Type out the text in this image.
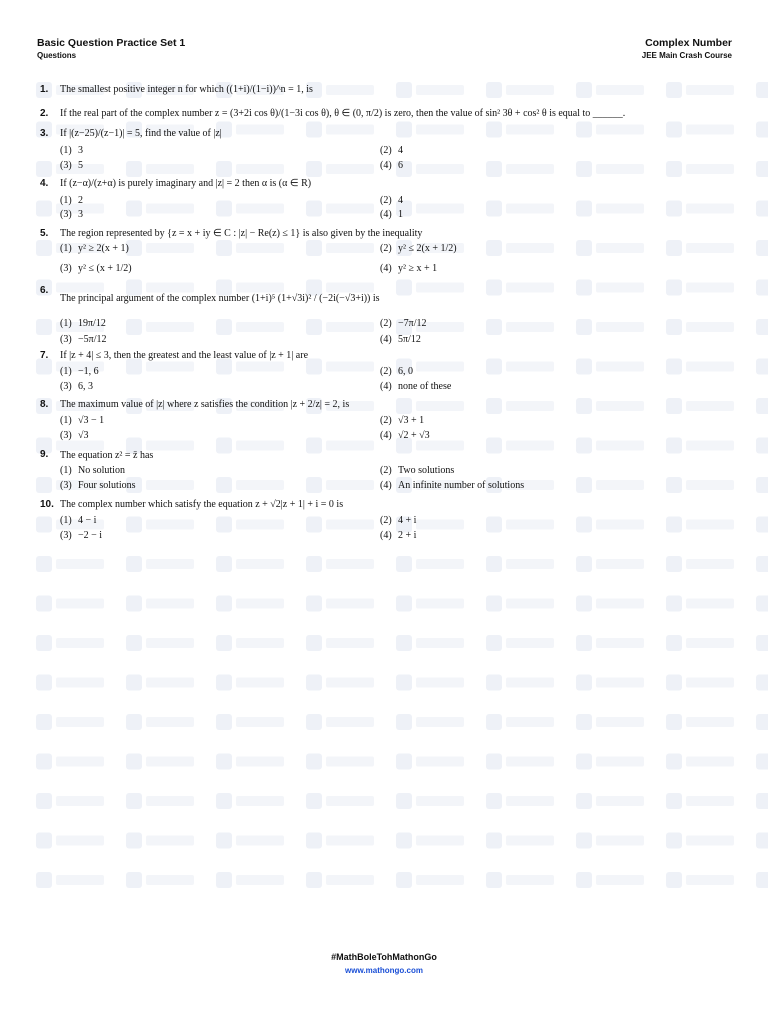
Basic Question Practice Set 1
Questions
Complex Number
JEE Main Crash Course
1. The smallest positive integer n for which ((1+i)/(1−i))^n = 1, is
2. If the real part of the complex number z = (3+2i cos θ)/(1−3i cos θ), θ ∈ (0, π/2) is zero, then the value of sin² 3θ + cos² θ is equal to ______.
3. If |(z−25)/(z−1)| = 5, find the value of |z|
(1) 3	(2) 4
(3) 5	(4) 6
4. If (z−α)/(z+α) is purely imaginary and |z| = 2 then α is (α ∈ R)
(1) 2	(2) 4
(3) 3	(4) 1
5. The region represented by {z = x + iy ∈ C : |z| − Re(z) ≤ 1} is also given by the inequality
(1) y² ≥ 2(x + 1)	(2) y² ≤ 2(x + 1/2)
(3) y² ≤ (x + 1/2)	(4) y² ≥ x + 1
6.
The principal argument of the complex number (1+i)⁵ (1+√3i)² / (−2i(−√3+i)) is
(1) 19π/12	(2) −7π/12
(3) −5π/12	(4) 5π/12
7. If |z + 4| ≤ 3, then the greatest and the least value of |z + 1| are
(1) −1, 6	(2) 6, 0
(3) 6, 3	(4) none of these
8. The maximum value of |z| where z satisfies the condition |z + 2/z| = 2, is
(1) √3 − 1	(2) √3 + 1
(3) √3	(4) √2 + √3
9. The equation z² = z̄ has
(1) No solution	(2) Two solutions
(3) Four solutions	(4) An infinite number of solutions
10. The complex number which satisfy the equation z + √2|z + 1| + i = 0 is
(1) 4 − i	(2) 4 + i
(3) −2 − i	(4) 2 + i
#MathBoleTohMathonGo
www.mathongo.com
